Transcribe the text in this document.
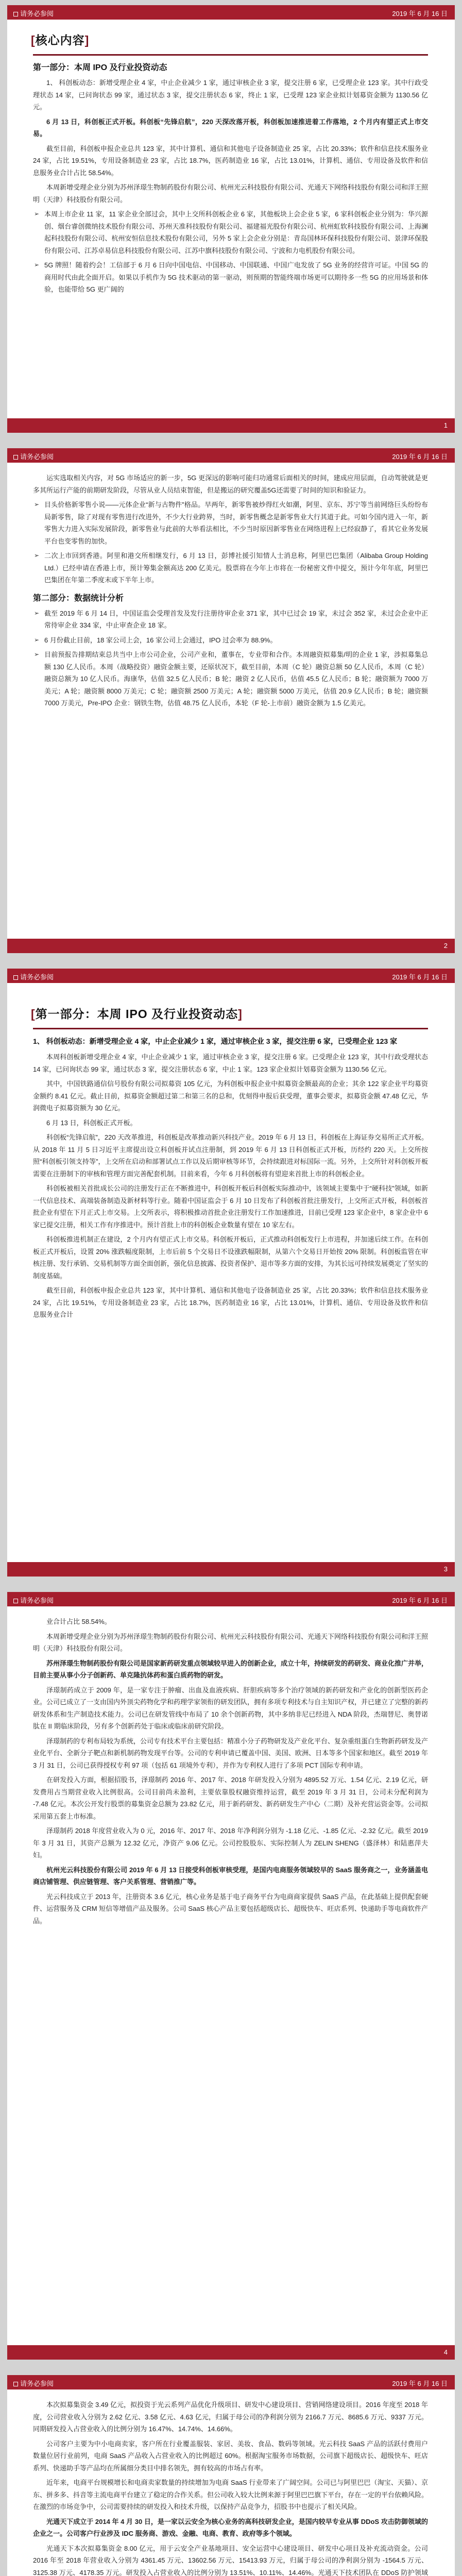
请务必参阅	2019 年 6 月 16 日
[核心内容]
第一部分：本周 IPO 及行业投资动态

1、 科创板动态：新增受理企业 4 家，中止企业减少 1 家，通过审核企业 3 家，提交注册 6 家，已受理企业 123 家。其中行政受理状态 14 家，已问询状态 99 家，通过状态 3 家，提交注册状态 6 家，终止 1 家，已受理 123 家企业拟计划募资金额为 1130.56 亿元。

6 月 13 日，科创板正式开板。科创板“先锋启航”，220 天深改落开板，科创板加速推进着工作落地，2 个月内有望正式上市交易。

截至目前，科创板申报企业总共 123 家，其中计算机、通信和其他电子设备制造业 25 家，占比 20.33%；软件和信息技术服务业 24 家，占比 19.51%，专用设备制造业 23 家，占比 18.7%，医药制造业 16 家，占比 13.01%，计算机、通信、专用设备及软件和信息服务业合计占比 58.54%。

本周新增受理企业分别为苏州泽璟生物制药股份有限公司、杭州光云科技股份有限公司、光通天下网络科技股份有限公司和洋王照明（天津）科技股份有限公司。

➢ 本周上市企业 11 家，11 家企业全部过会，其中上交所科创板企业 6 家，其他板块上会企业 5 家，6 家科创板企业分别为：华兴源创、烟台睿创微纳技术股份有限公司、苏州天准科技股份有限公司、福建福光股份有限公司、杭州虹软科技股份有限公司、上海澜起科技股份有限公司、杭州安恒信息技术股份有限公司，另外 5 家上会企业分别是：青岛国林环保科技股份有限公司、景津环保股份有限公司、江苏卓易信息科技股份有限公司、江苏中旗科技股份有限公司、宁波和力电机股份有限公司。
➢ 5G 牌照！随着约会！工信部于 6 月 6 日向中国电信、中国移动、中国联通、中国广电发放了 5G 业务的经营许可证。中国 5G 的商用时代由此全面开启。如果以手机作为 5G 技术驱动的第一驱动，则预期的智能终端市场更可以期待多一些 5G 的应用场景和体验，也能带给 5G 更广阔的
1
请务必参阅	2019 年 6 月 16 日

运实选取相关内容，对 5G 市场适应的新一步，5G 更深远的影响可能归功通常后面相关的时间，建成应用层面，自动驾驶就是更多其所运行产能的前期研发阶段，尽管从业人员结束智能，但是搬运的研究覆盖5G还需要了时间的知识和验证力。

➢ 目头价格新零售小说——元体企业“新与古物件”格品。早两年，新零售被炒得红火如潮，阿里、京东、苏宁等当前网络巨头纷纷布局新零售，除了对现有零售进行改进外，不少大行业跨界，当时，新零售概念是新零售业大行其道于此。可如今国内进入一年，新零售大力进入实际发展阶段，新零售业与此前的大举看法相比，不少当时原因新零售业在网络进程上已经寂静了，看其它业务发展平台也变零售的加快。
➢ 二次上市回到香港。阿里和港交所相继发行，6 月 13 日，彭博社援引知情人士消息称，阿里巴巴集团（Alibaba Group Holding Ltd.）已经申请在香港上市，预计筹集金额高达 200 亿美元。股票将在今年上市将在一份秘密文件中提交，预计今年年底，阿里巴巴集团在年第二季度末或下半年上市。
第二部分：数据统计分析
➢ 截至 2019 年 6 月 14 日，中国证监会受理首发及发行注册待审企业 371 家，其中已过会 19 家，未过会 352 家，未过会企业中正常待审企业 334 家，中止审查企业 18 家。
➢ 6 月份截止目前，18 家公司上会，16 家公司上会通过，IPO 过会率为 88.9%。
➢ 目前预报告排期结束总共当中上市公司企业，公司产业和，董事在，专业带和合作。本周融资拟募集/明的企业 1 家，涉拟募集总额 130 亿人民币。本周（战略投资）融资金额主要，还原状况下，截至目前，本周（C 轮）融资总额 50 亿人民币，本周（C 轮）融资总额为 10 亿人民币。海康华，估值 32.5 亿人民币；B 轮；融资 2 亿人民币，估值 45.5 亿人民币；B 轮；融资额为 7000 万美元；A 轮；融资额 8000 万美元；C 轮；融资额 2500 万美元；A 轮；融资额 5000 万美元，估值 20.9 亿人民币；B 轮；融资额 7000 万美元，Pre-IPO 企业：钢铁生物，估值 48.75 亿人民币，本轮（F 轮-上市前）融资金额为 1.5 亿美元。
2
请务必参阅	2019 年 6 月 16 日
[第一部分：本周 IPO 及行业投资动态]
1、 科创板动态：新增受理企业 4 家，中止企业减少 1 家，通过审核企业 3 家，提交注册 6 家，已受理企业 123 家

本周科创板新增受理企业 4 家，中止企业减少 1 家，通过审核企业 3 家，提交注册 6 家。已受理企业 123 家，其中行政受理状态 14 家，已问询状态 99 家，通过状态 3 家，提交注册状态 6 家，中止 1 家。123 家企业拟计划募资金额为 1130.56 亿元。

其中，中国铁路通信信号股份有限公司拟募资 105 亿元，为科创板申报企业中拟募资金额最高的企业；其余 122 家企业平均募资金额约 8.41 亿元。截止目前，拟募资金额超过第二和第三名的总和，优刻得申报后获受理，董事会要求，拟募资金额 47.48 亿元，华润微电子拟募资额为 30 亿元。

6 月 13 日，科创板正式开板。

科创板“先锋启航”，220 天改革推进，科创板是改革推动新兴科技产业。2019 年 6 月 13 日，科创板在上海证券交易所正式开板。从 2018 年 11 月 5 日习近平主席提出设立科创板并试点注册制，到 2019 年 6 月 13 日科创板正式开板，历经约 220 天。上交所按照“科创板引领支持等”，上交所在启动和部署试点工作以及后期审核等环节，会持续跟进对标国际一流。另外，上交所针对科创板开板需要在注册制下的审核和管理方面完善配套机制。目前来看，今年 6 月科创板将有望迎来首批上市的科创板企业。

科创板被相关首批成长公司的注册发行正在不断推进中，科创板开板后科创板实际推动中，该领域主要集中于“硬科技”领域，如新一代信息技术、高端装备制造及新材料等行业。随着中国证监会于 6 月 10 日发布了科创板首批注册发行，上交所正式开板，科创板首批企业有望在下月正式上市交易。上交所表示，将积极推动首批企业注册发行工作加速推进，目前已受理 123 家企业中，8 家企业中 6 家已提交注册，相关工作有序推进中。预计首批上市的科创板企业数量有望在 10 家左右。

科创板推进机制正在建设，2 个月内有望正式上市交易。科创板开板后，正式推动科创板发行上市进程，并加速后续工作。在科创板正式开板后，设置 20% 涨跌幅度限制，上市后前 5 个交易日不设涨跌幅限制，从第六个交易日开始按 20% 限制。科创板监管在审核注册、发行承销、交易机制等方面全面创新，强化信息披露、投资者保护、退市等多方面的安排，为其长远可持续发展奠定了坚实的制度基础。

截至目前，科创板申报企业总共 123 家，其中计算机、通信和其他电子设备制造业 25 家，占比 20.33%；软件和信息技术服务业 24 家，占比 19.51%，专用设备制造业 23 家，占比 18.7%，医药制造业 16 家，占比 13.01%，计算机、通信、专用设备及软件和信息服务业合计

3
请务必参阅	2019 年 6 月 16 日

业合计占比 58.54%。

本周新增受理企业分别为苏州泽璟生物制药股份有限公司、杭州光云科技股份有限公司、光通天下网络科技股份有限公司和洋王照明（天津）科技股份有限公司。

苏州泽璟生物制药股份有限公司是国家新药研发重点领域较早进入的创新企业，成立十年，持续研发的药研发、商业化推广并举，目前主要从事小分子创新药、单克隆抗体药和蛋白质药物的研发。

泽璟制药成立于 2009 年，是一家专注于肿瘤、出血及血液疾病、肝胆疾病等多个治疗领域的新药研发和产业化的创新型医药企业。公司已成立了一支由国内外顶尖药物化学和药理学家领衔的研发团队，拥有多项专利技术与自主知识产权，并已建立了完整的新药研发体系和生产制造技术能力。公司已在研发管线中布局了 10 余个创新药物，其中多纳非尼已经进入 NDA 阶段，杰瑞替尼、奥替诺肽在 II 期临床阶段，另有多个创新药处于临床或临床前研究阶段。

泽璟制药的专利布局较为系统，公司专有技术平台主要包括：精准小分子药物研发及产业化平台、复杂重组蛋白生物新药研发及产业化平台、全新分子靶点和新机制药物发现平台等。公司的专利申请已覆盖中国、美国、欧洲、日本等多个国家和地区。截至 2019 年 3 月 31 日，公司已获得授权专利 97 项（包括 61 项境外专利），并作为专利权人进行了多项 PCT 国际专利申请。

在研发投入方面，根据招股书，泽璟制药 2016 年、2017 年、2018 年研发投入分别为 4895.52 万元、1.54 亿元、2.19 亿元，研发费用占当期营业收入比例很高。公司目前尚未盈利，主要依靠股权融资维持运营，截至 2019 年 3 月 31 日，公司未分配利润为 -7.48 亿元。本次公开发行股票的募集资金总额为 23.82 亿元，用于新药研发、新药研发生产中心（二期）及补充营运资金等。公司拟采用第五套上市标准。

泽璟制药 2018 年度营业收入为 0 元，2016 年、2017 年、2018 年净利润分别为 -1.18 亿元、-1.85 亿元、-2.32 亿元。截至 2019 年 3 月 31 日，其资产总额为 12.32 亿元，净资产 9.06 亿元。公司控股股东、实际控制人为 ZELIN SHENG（盛泽林）和陆惠萍夫妇。

杭州光云科技股份有限公司 2019 年 6 月 13 日接受科创板审核受理，是国内电商服务领域较早的 SaaS 服务商之一，业务涵盖电商店铺管理、供应链管理、客户关系管理、营销推广等。

光云科技成立于 2013 年，注册资本 3.6 亿元，核心业务是基于电子商务平台为电商商家提供 SaaS 产品，在此基础上提供配套硬件、运营服务及 CRM 短信等增值产品及服务。公司 SaaS 核心产品主要包括超级店长、超级快车、旺店系列、快递助手等电商软件产品。

4
请务必参阅	2019 年 6 月 16 日

本次拟募集资金 3.49 亿元，拟投资于光云系列产品优化升级项目、研发中心建设项目、营销网络建设项目。2016 年度至 2018 年度，公司营业收入分别为 2.62 亿元、3.58 亿元、4.63 亿元，归属于母公司的净利润分别为 2166.7 万元、8685.6 万元、9337 万元。同期研发投入占营业收入的比例分别为 16.47%、14.74%、14.66%。

公司客户主要为中小电商卖家，客户所在行业覆盖服装、家居、美妆、食品、数码等领域。光云科技 SaaS 产品的活跃付费用户数量位居行业前列，电商 SaaS 产品收入占营业收入的比例超过 60%。根据淘宝服务市场数据，公司旗下超级店长、超级快车、旺店系列、快递助手等产品均在所属细分类目中排名领先，拥有较高的市场占有率。

近年来，电商平台规模增长和电商卖家数量的持续增加为电商 SaaS 行业带来了广阔空间。公司已与阿里巴巴（淘宝、天猫）、京东、拼多多、抖音等主流电商平台建立了稳定的合作关系。但公司收入较大比例来源于阿里巴巴旗下平台，存在一定的平台依赖风险。在激烈的市场竞争中，公司需要持续的研发投入和技术升级，以保持产品竞争力，招股书中也提示了相关风险。

光通天下成立于 2014 年 4 月 30 日，是一家以云安全为核心业务的高科技研发企业，是国内较早专业从事 DDoS 攻击防御领域的企业之一。公司客户行业涉及 IDC 服务商、游戏、金融、电商、教育、政府等多个领域。

光通天下本次拟募集资金 8.00 亿元，用于云安全产业基地项目、安全运营中心建设项目、研发中心项目及补充流动资金。公司 2016 年至 2018 年营业收入分别为 4361.45 万元、13602.56 万元、15413.93 万元，归属于母公司的净利润分别为 -1564.5 万元、3125.38 万元、4178.35 万元。研发投入占营业收入的比例分别为 13.51%、10.11%、14.46%。光通天下技术团队在 DDoS 防护领域
